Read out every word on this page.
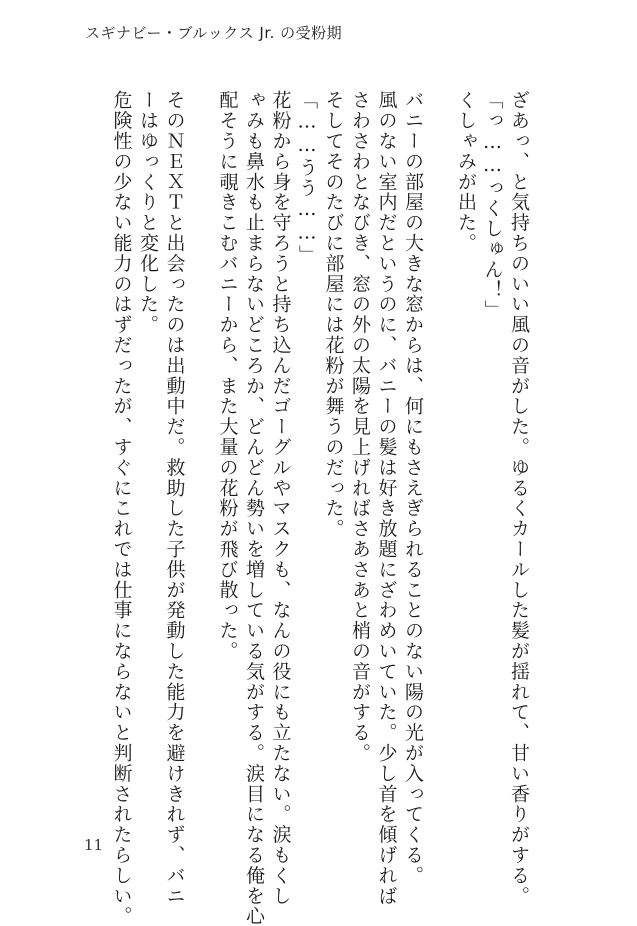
スギナビー・ブルックス Jr. の受粉期
ざあっ、と気持ちのいい風の音がした。ゆるくカールした髪が揺れて、甘い香りがする。
「っ……っくしゅん！」
くしゃみが出た。
バニーの部屋の大きな窓からは、何にもさえぎられることのない陽の光が入ってくる。
風のない室内だというのに、バニーの髪は好き放題にざわめいていた。少し首を傾げれば
さわさわとなびき、窓の外の太陽を見上げればさあさあと梢の音がする。
そしてそのたびに部屋には花粉が舞うのだった。
「……うう……」
花粉から身を守ろうと持ち込んだゴーグルやマスクも、なんの役にも立たない。涙もくし
ゃみも鼻水も止まらないどころか、どんどん勢いを増している気がする。涙目になる俺を心
配そうに覗きこむバニーから、また大量の花粉が飛び散った。
そのＮＥＸＴと出会ったのは出動中だ。救助した子供が発動した能力を避けきれず、バニ
ーはゆっくりと変化した。
危険性の少ない能力のはずだったが、すぐにこれでは仕事にならないと判断されたらしい。
11
